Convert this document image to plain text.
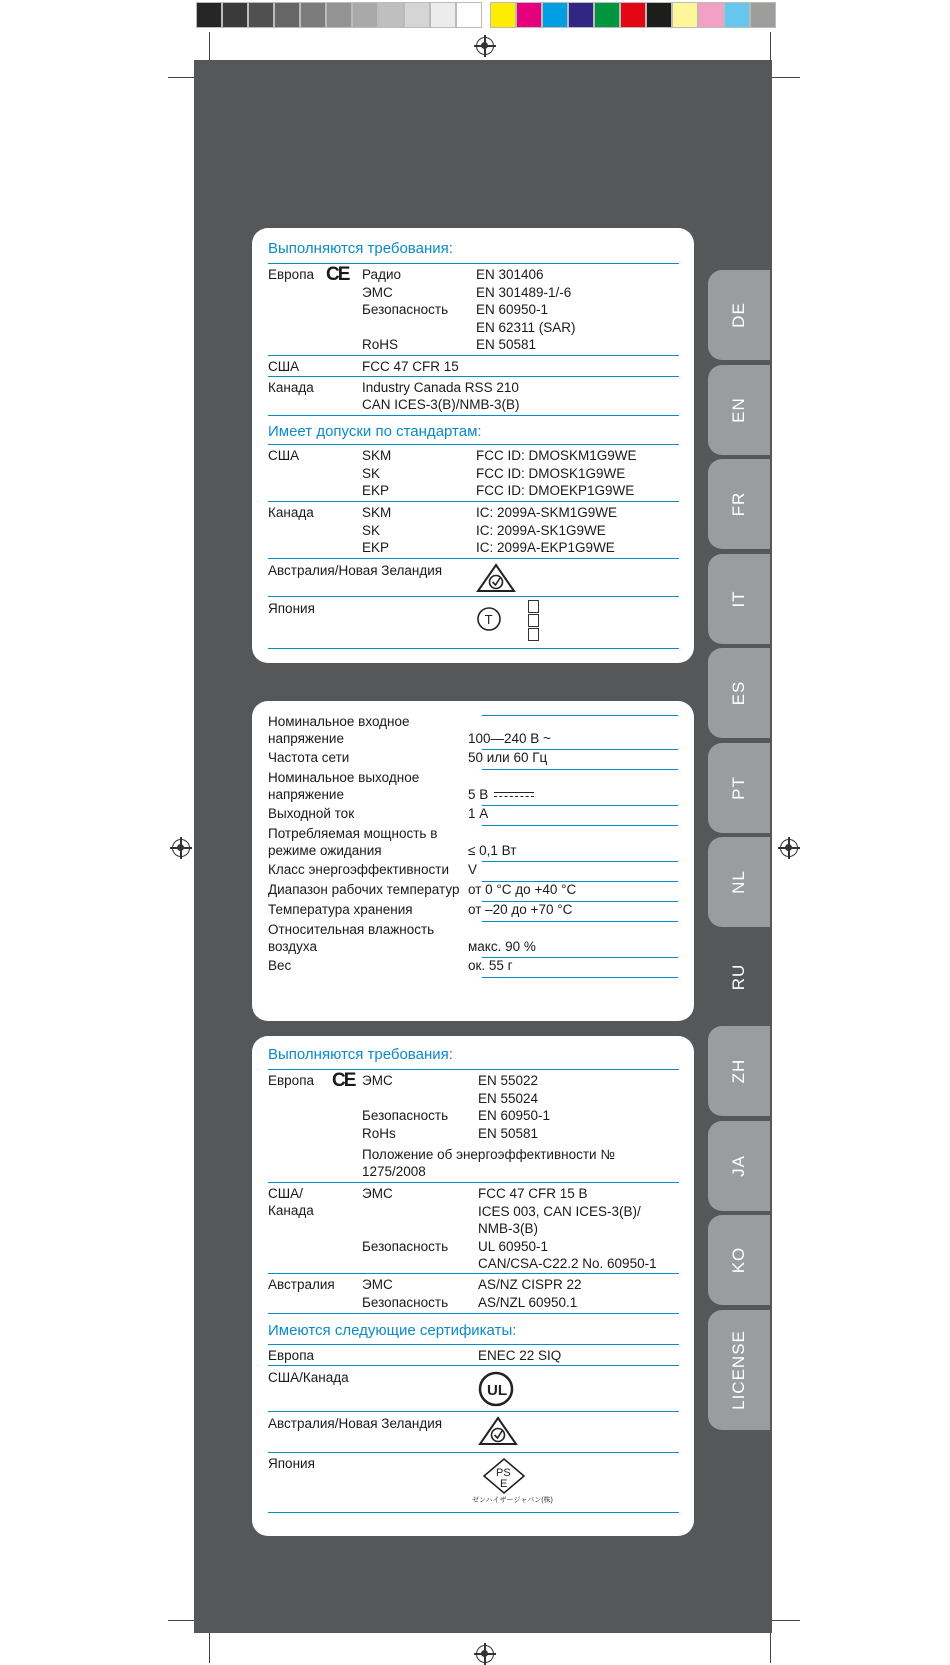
DE
EN
FR
IT
ES
PT
NL
RU
ZH
JA
KO
LICENSE
Выполняются требования:
Европа CE Радио	EN 301406
ЭМС	EN 301489-1/-6
Безопасность EN 60950-1
EN 62311 (SAR)
RoHS	EN 50581
США	FCC 47 CFR 15
Канада	Industry Canada RSS 210
CAN ICES-3(B)/NMB-3(B)
Имеет допуски по стандартам:
США	SKM	FCC ID: DMOSKM1G9WE
SK	FCC ID: DMOSK1G9WE
EKP	FCC ID: DMOEKP1G9WE
Канада	SKM	IC: 2099A-SKM1G9WE
SK	IC: 2099A-SK1G9WE
EKP	IC: 2099A-EKP1G9WE
Австралия/Новая Зеландия
Япония
T
Номинальное входное
напряжение	100—240 В ~
Частота сети	50 или 60 Гц
Номинальное выходное
напряжение	5 В
Выходной ток	1 А
Потребляемая мощность в
режиме ожидания	≤ 0,1 Вт
Класс энергоэффективности V
Диапазон рабочих температур от 0 °C до +40 °C
Температура хранения	от –20 до +70 °C
Относительная влажность
воздуха	макс. 90 %
Вес	ок. 55 г
Выполняются требования:
Европа CE ЭМС	EN 55022
EN 55024
Безопасность EN 60950-1
RoHs	EN 50581
Положение об энергоэффективности №
1275/2008
США/
Канада
ЭМС	FCC 47 CFR 15 B
ICES 003, CAN ICES-3(B)/
NMB-3(B)
Безопасность UL 60950-1
CAN/CSA-C22.2 No. 60950-1
Австралия ЭМС	AS/NZ CISPR 22
Безопасность AS/NZL 60950.1
Имеются следующие сертификаты:
Европа	ENEC 22 SIQ
США/Канада
UL
Австралия/Новая Зеландия
Япония
PS
E
ゼンハイザージャパン(株)
